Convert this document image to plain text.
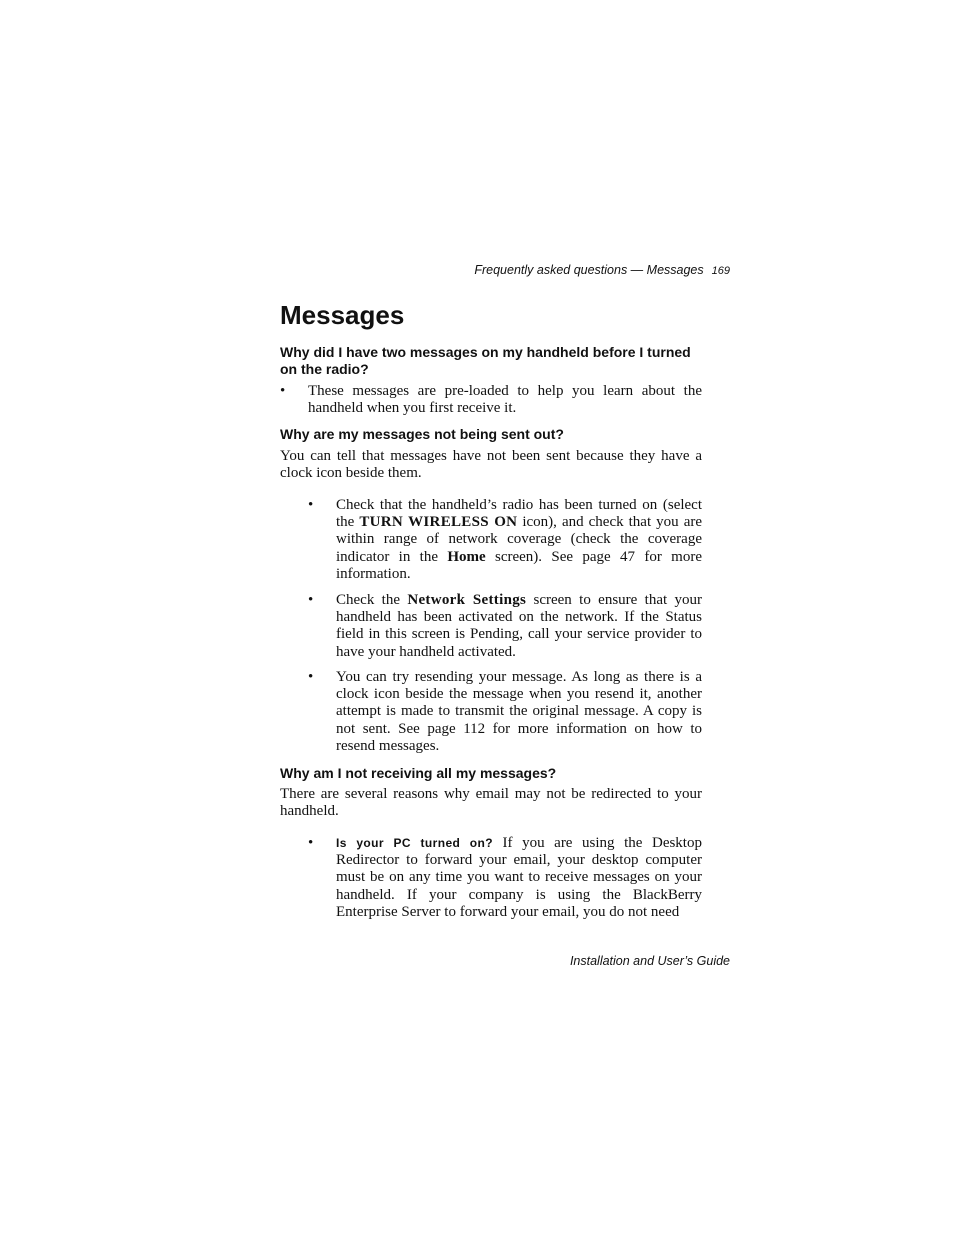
Frequently asked questions — Messages 169
Messages

Why did I have two messages on my handheld before I turned on the radio?

• These messages are pre-loaded to help you learn about the handheld when you first receive it.

Why are my messages not being sent out?

You can tell that messages have not been sent because they have a clock icon beside them.

• Check that the handheld’s radio has been turned on (select the TURN WIRELESS ON icon), and check that you are within range of network coverage (check the coverage indicator in the Home screen). See page 47 for more information.
• Check the Network Settings screen to ensure that your handheld has been activated on the network. If the Status field in this screen is Pending, call your service provider to have your handheld activated.
• You can try resending your message. As long as there is a clock icon beside the message when you resend it, another attempt is made to transmit the original message. A copy is not sent. See page 112 for more information on how to resend messages.

Why am I not receiving all my messages?

There are several reasons why email may not be redirected to your handheld.

• Is your PC turned on? If you are using the Desktop Redirector to forward your email, your desktop computer must be on any time you want to receive messages on your handheld. If your company is using the BlackBerry Enterprise Server to forward your email, you do not need
Installation and User’s Guide
